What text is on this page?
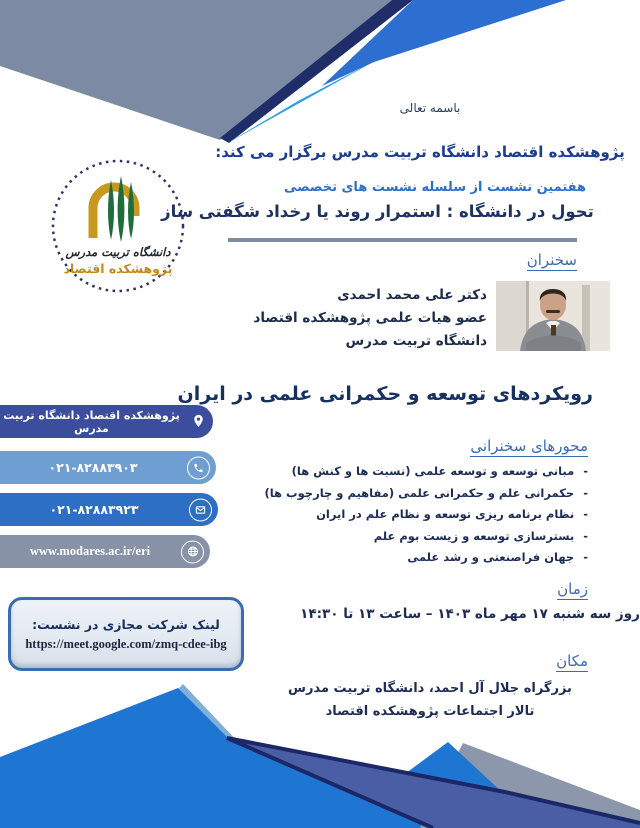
دانشگاه تربیت مدرس
پژوهشکده اقتصاد
باسمه تعالی
پژوهشکده اقتصاد دانشگاه تربیت مدرس برگزار می کند:
هفتمین نشست از سلسله نشست های تخصصی
تحول در دانشگاه : استمرار روند یا رخداد شگفتی ساز
سخنران
دکتر علی محمد احمدی
عضو هیات علمی پژوهشکده اقتصاد
دانشگاه تربیت مدرس
رویکردهای توسعه و حکمرانی علمی در ایران
پژوهشکده اقتصاد دانشگاه تربیت مدرس
۰۲۱-۸۲۸۸۳۹۰۳
۰۲۱-۸۲۸۸۳۹۲۳
www.modares.ac.ir/eri
محورهای سخنرانی
-مبانی توسعه و توسعه علمی (نسبت ها و کنش ها)
-حکمرانی علم و حکمرانی علمی (مفاهیم و چارچوب ها)
-نظام برنامه ریزی توسعه و نظام علم در ایران
-بسترسازی توسعه و زیست بوم علم
-جهان فراصنعتی و رشد علمی
زمان
روز سه شنبه ۱۷ مهر ماه ۱۴۰۳ – ساعت ۱۳ تا ۱۴:۳۰
لینک شرکت مجازی در نشست:
https://meet.google.com/zmq-cdee-ibg
مکان
بزرگراه جلال آل احمد، دانشگاه تربیت مدرس
تالار اجتماعات پژوهشکده اقتصاد
